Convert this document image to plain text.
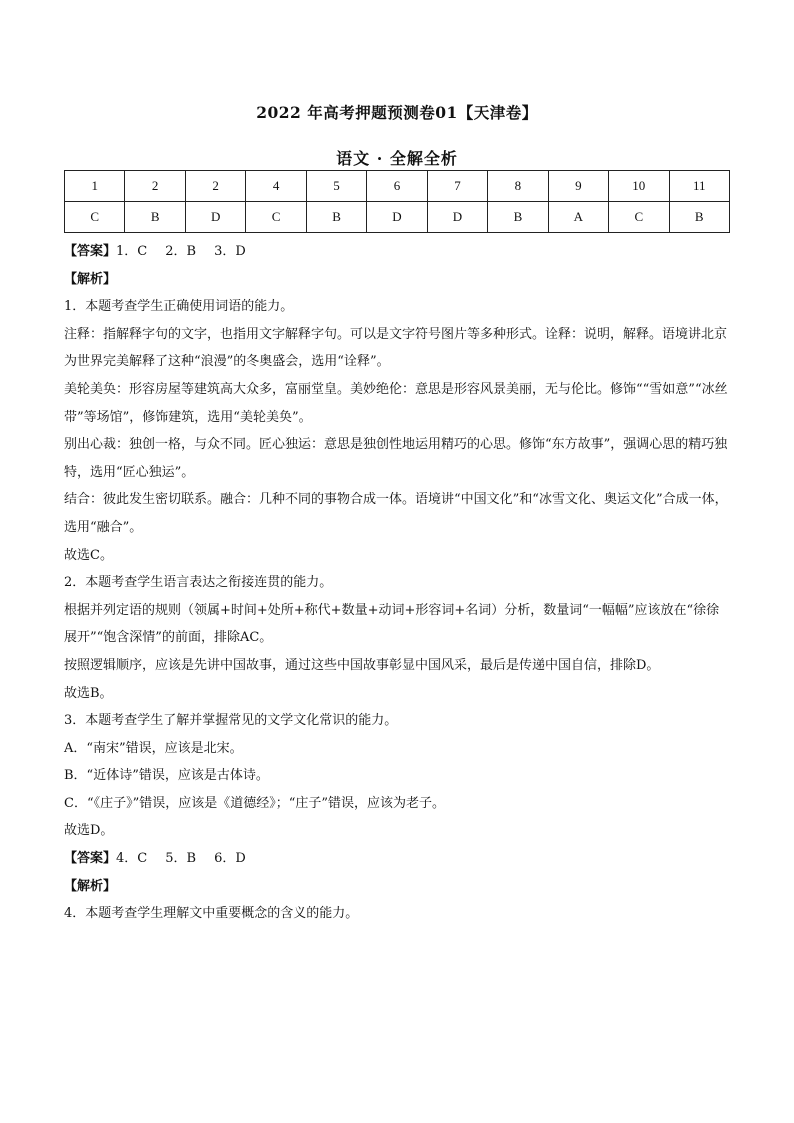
2022 年高考押题预测卷01【天津卷】
语文 · 全解全析
1	2	2	4	5	6	7	8	9	10	11
C	B	D	C	B	D	D	B	A	C	B

【答案】1．C 2．B 3．D

【解析】

1．本题考查学生正确使用词语的能力。

注释：指解释字句的文字，也指用文字解释字句。可以是文字符号图片等多种形式。诠释：说明，解释。语境讲北京为世界完美解释了这种“浪漫”的冬奥盛会，选用“诠释”。

美轮美奂：形容房屋等建筑高大众多，富丽堂皇。美妙绝伦：意思是形容风景美丽，无与伦比。修饰““雪如意”“冰丝带”等场馆”，修饰建筑，选用“美轮美奂”。

别出心裁：独创一格，与众不同。匠心独运：意思是独创性地运用精巧的心思。修饰“东方故事”，强调心思的精巧独特，选用“匠心独运”。

结合：彼此发生密切联系。融合：几种不同的事物合成一体。语境讲“中国文化”和“冰雪文化、奥运文化”合成一体，选用“融合”。

故选C。

2．本题考查学生语言表达之衔接连贯的能力。

根据并列定语的规则（领属+时间+处所+称代+数量+动词+形容词+名词）分析，数量词“一幅幅”应该放在“徐徐展开”“饱含深情”的前面，排除AC。

按照逻辑顺序，应该是先讲中国故事，通过这些中国故事彰显中国风采，最后是传递中国自信，排除D。

故选B。

3．本题考查学生了解并掌握常见的文学文化常识的能力。

A．“南宋”错误，应该是北宋。

B．“近体诗”错误，应该是古体诗。

C．“《庄子》”错误，应该是《道德经》；“庄子”错误，应该为老子。

故选D。

【答案】4．C 5．B 6．D

【解析】

4．本题考查学生理解文中重要概念的含义的能力。
